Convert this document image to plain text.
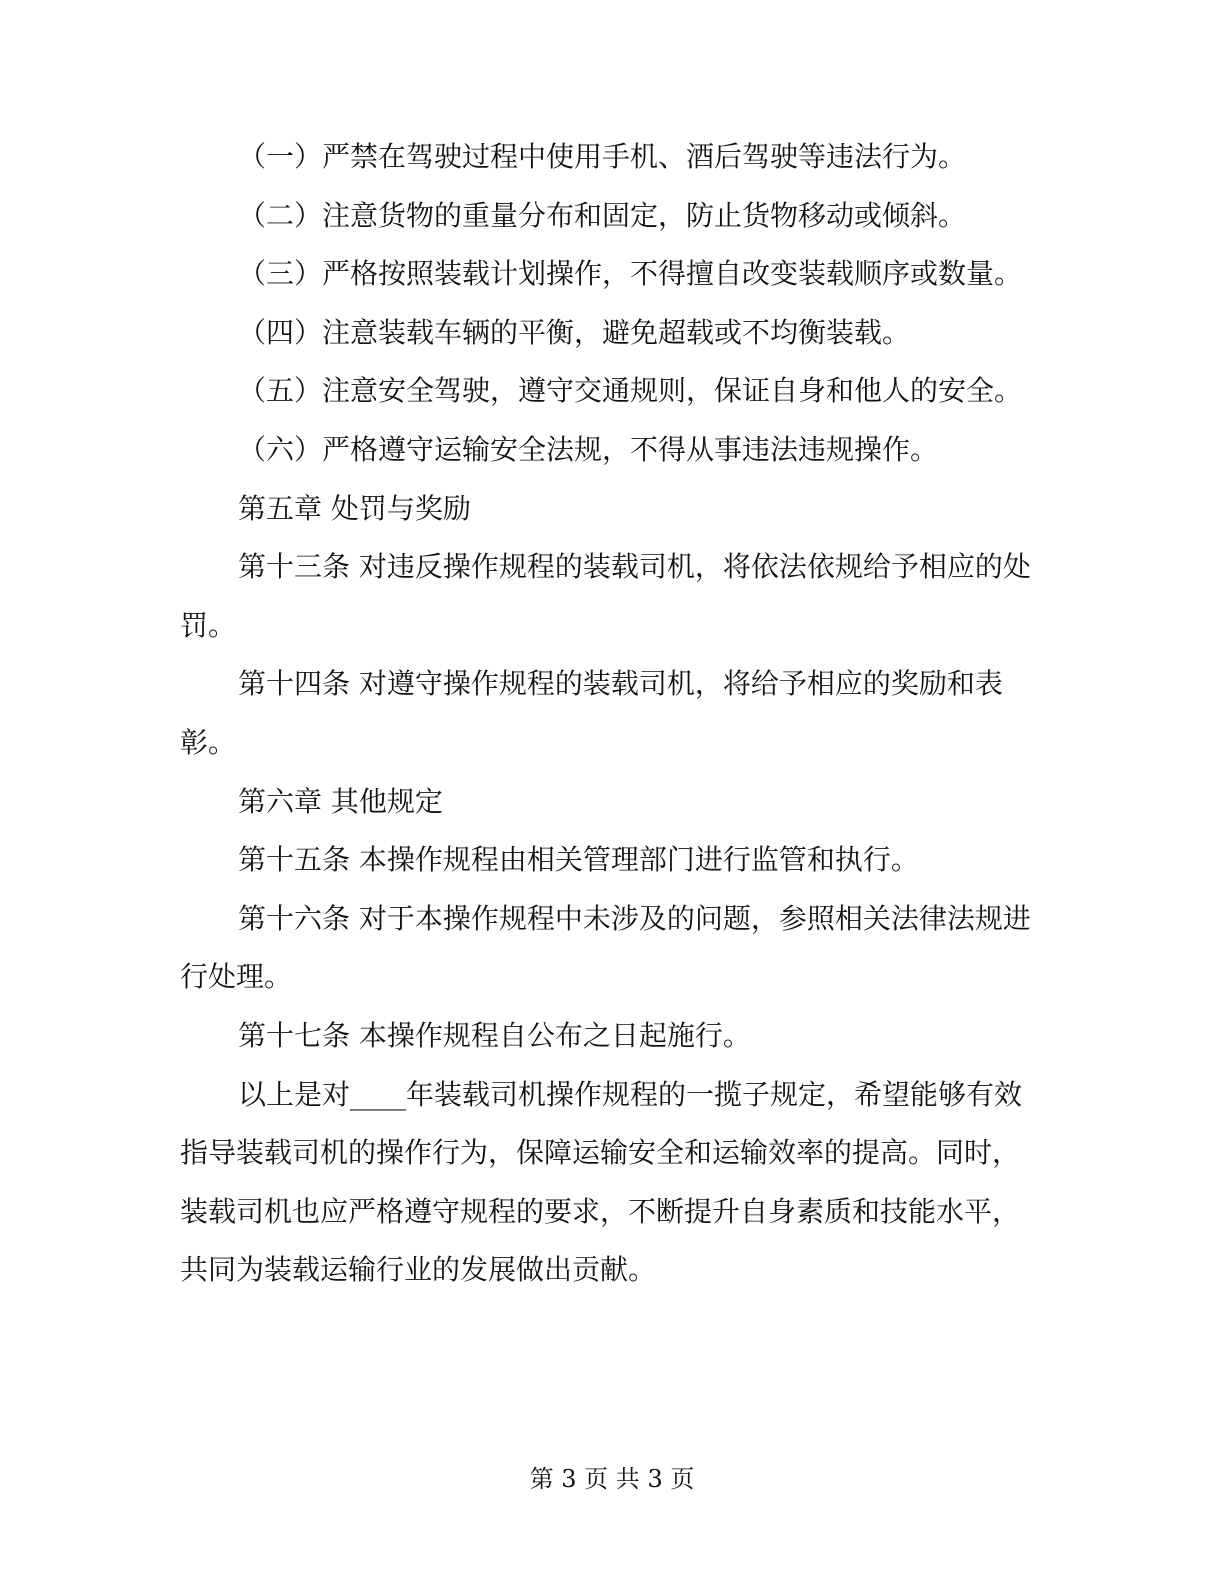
（一）严禁在驾驶过程中使用手机、酒后驾驶等违法行为。

（二）注意货物的重量分布和固定，防止货物移动或倾斜。

（三）严格按照装载计划操作，不得擅自改变装载顺序或数量。

（四）注意装载车辆的平衡，避免超载或不均衡装载。

（五）注意安全驾驶，遵守交通规则，保证自身和他人的安全。

（六）严格遵守运输安全法规，不得从事违法违规操作。

第五章 处罚与奖励

第十三条 对违反操作规程的装载司机，将依法依规给予相应的处罚。

第十四条 对遵守操作规程的装载司机，将给予相应的奖励和表彰。

第六章 其他规定

第十五条 本操作规程由相关管理部门进行监管和执行。

第十六条 对于本操作规程中未涉及的问题，参照相关法律法规进行处理。

第十七条 本操作规程自公布之日起施行。

以上是对____年装载司机操作规程的一揽子规定，希望能够有效指导装载司机的操作行为，保障运输安全和运输效率的提高。同时，装载司机也应严格遵守规程的要求，不断提升自身素质和技能水平，共同为装载运输行业的发展做出贡献。

第 3 页 共 3 页
